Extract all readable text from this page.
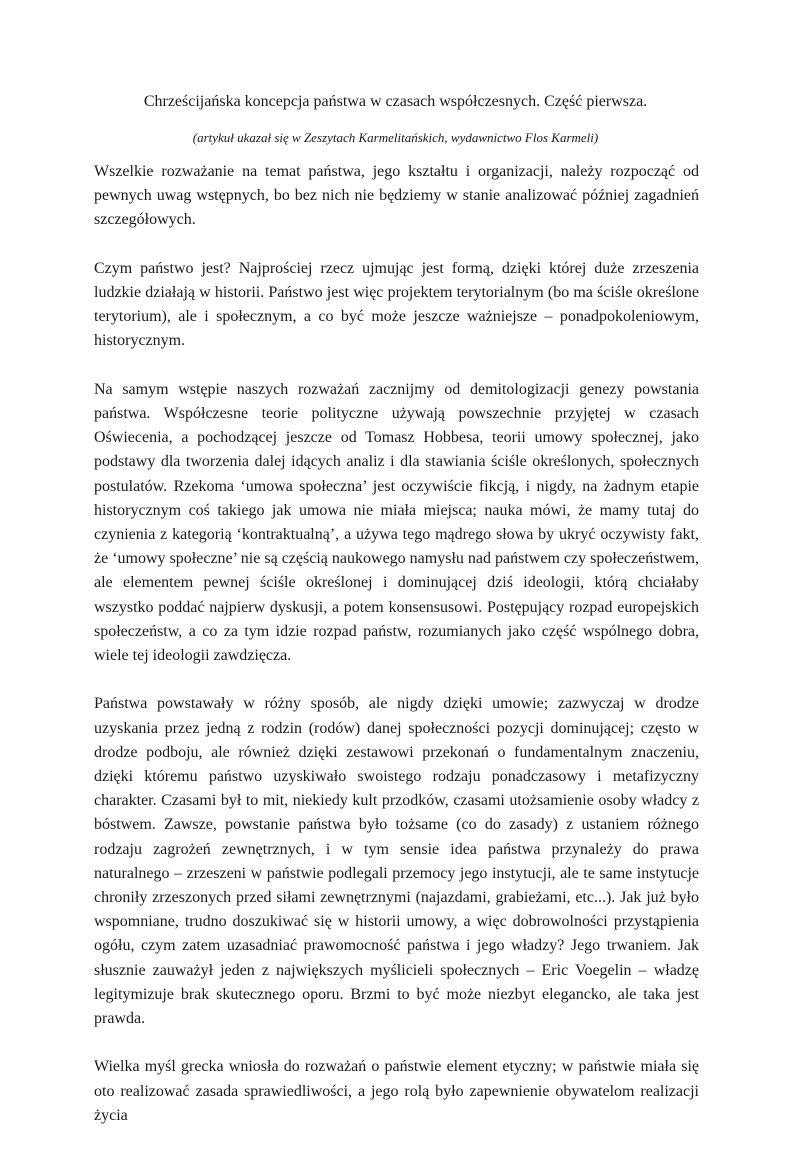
Chrześcijańska koncepcja państwa w czasach współczesnych. Część pierwsza.
(artykuł ukazał się w Zeszytach Karmelitańskich, wydawnictwo Flos Karmeli)

Wszelkie rozważanie na temat państwa, jego kształtu i organizacji, należy rozpocząć od pewnych uwag wstępnych, bo bez nich nie będziemy w stanie analizować później zagadnień szczegółowych.

Czym państwo jest? Najprościej rzecz ujmując jest formą, dzięki której duże zrzeszenia ludzkie działają w historii. Państwo jest więc projektem terytorialnym (bo ma ściśle określone terytorium), ale i społecznym, a co być może jeszcze ważniejsze – ponadpokoleniowym, historycznym.

Na samym wstępie naszych rozważań zacznijmy od demitologizacji genezy powstania państwa. Współczesne teorie polityczne używają powszechnie przyjętej w czasach Oświecenia, a pochodzącej jeszcze od Tomasz Hobbesa, teorii umowy społecznej, jako podstawy dla tworzenia dalej idących analiz i dla stawiania ściśle określonych, społecznych postulatów. Rzekoma ‘umowa społeczna’ jest oczywiście fikcją, i nigdy, na żadnym etapie historycznym coś takiego jak umowa nie miała miejsca; nauka mówi, że mamy tutaj do czynienia z kategorią ‘kontraktualną’, a używa tego mądrego słowa by ukryć oczywisty fakt, że ‘umowy społeczne’ nie są częścią naukowego namysłu nad państwem czy społeczeństwem, ale elementem pewnej ściśle określonej i dominującej dziś ideologii, którą chciałaby wszystko poddać najpierw dyskusji, a potem konsensusowi. Postępujący rozpad europejskich społeczeństw, a co za tym idzie rozpad państw, rozumianych jako część wspólnego dobra, wiele tej ideologii zawdzięcza.

Państwa powstawały w różny sposób, ale nigdy dzięki umowie; zazwyczaj w drodze uzyskania przez jedną z rodzin (rodów) danej społeczności pozycji dominującej; często w drodze podboju, ale również dzięki zestawowi przekonań o fundamentalnym znaczeniu, dzięki któremu państwo uzyskiwało swoistego rodzaju ponadczasowy i metafizyczny charakter. Czasami był to mit, niekiedy kult przodków, czasami utożsamienie osoby władcy z bóstwem. Zawsze, powstanie państwa było tożsame (co do zasady) z ustaniem różnego rodzaju zagrożeń zewnętrznych, i w tym sensie idea państwa przynależy do prawa naturalnego – zrzeszeni w państwie podlegali przemocy jego instytucji, ale te same instytucje chroniły zrzeszonych przed siłami zewnętrznymi (najazdami, grabieżami, etc...). Jak już było wspomniane, trudno doszukiwać się w historii umowy, a więc dobrowolności przystąpienia ogółu, czym zatem uzasadniać prawomocność państwa i jego władzy? Jego trwaniem. Jak słusznie zauważył jeden z największych myślicieli społecznych – Eric Voegelin – władzę legitymizuje brak skutecznego oporu. Brzmi to być może niezbyt elegancko, ale taka jest prawda.

Wielka myśl grecka wniosła do rozważań o państwie element etyczny; w państwie miała się oto realizować zasada sprawiedliwości, a jego rolą było zapewnienie obywatelom realizacji życia
